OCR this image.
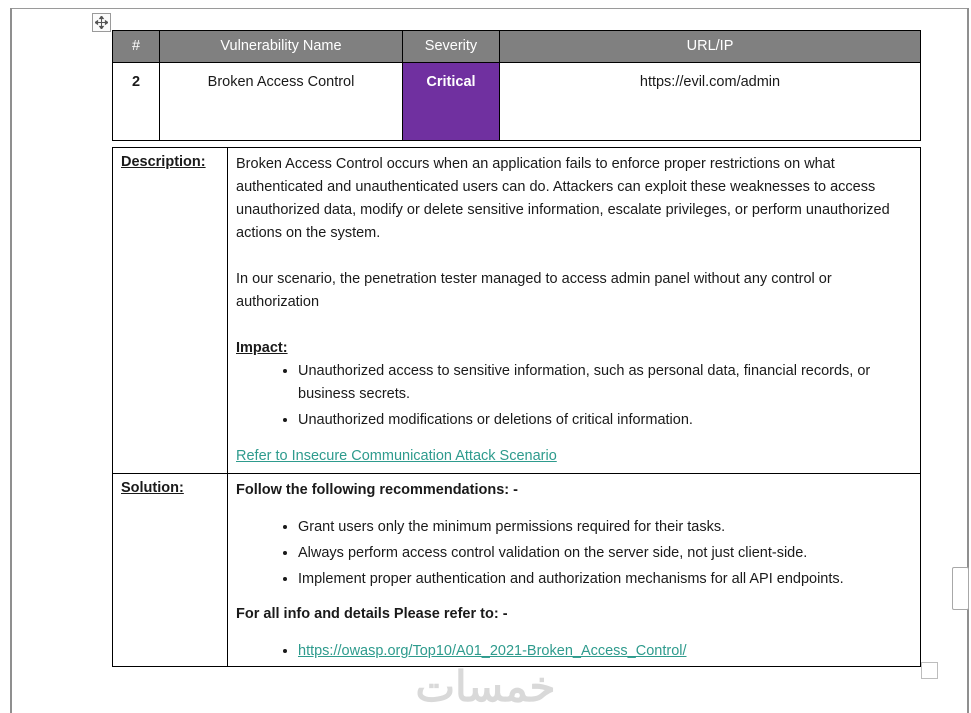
#	Vulnerability Name	Severity	URL/IP
2	Broken Access Control	Critical	https://evil.com/admin
Description:	Broken Access Control occurs when an application fails to enforce proper restrictions on what authenticated and unauthenticated users can do. Attackers can exploit these weaknesses to access unauthorized data, modify or delete sensitive information, escalate privileges, or perform unauthorized actions on the system.

In our scenario, the penetration tester managed to access admin panel without any control or authorization

Impact:

• Unauthorized access to sensitive information, such as personal data, financial records, or business secrets.
• Unauthorized modifications or deletions of critical information.

Refer to Insecure Communication Attack Scenario

Solution:	Follow the following recommendations: -

• Grant users only the minimum permissions required for their tasks.
• Always perform access control validation on the server side, not just client-side.
• Implement proper authentication and authorization mechanisms for all API endpoints.

For all info and details Please refer to: -

• https://owasp.org/Top10/A01_2021-Broken_Access_Control/
خمسات
